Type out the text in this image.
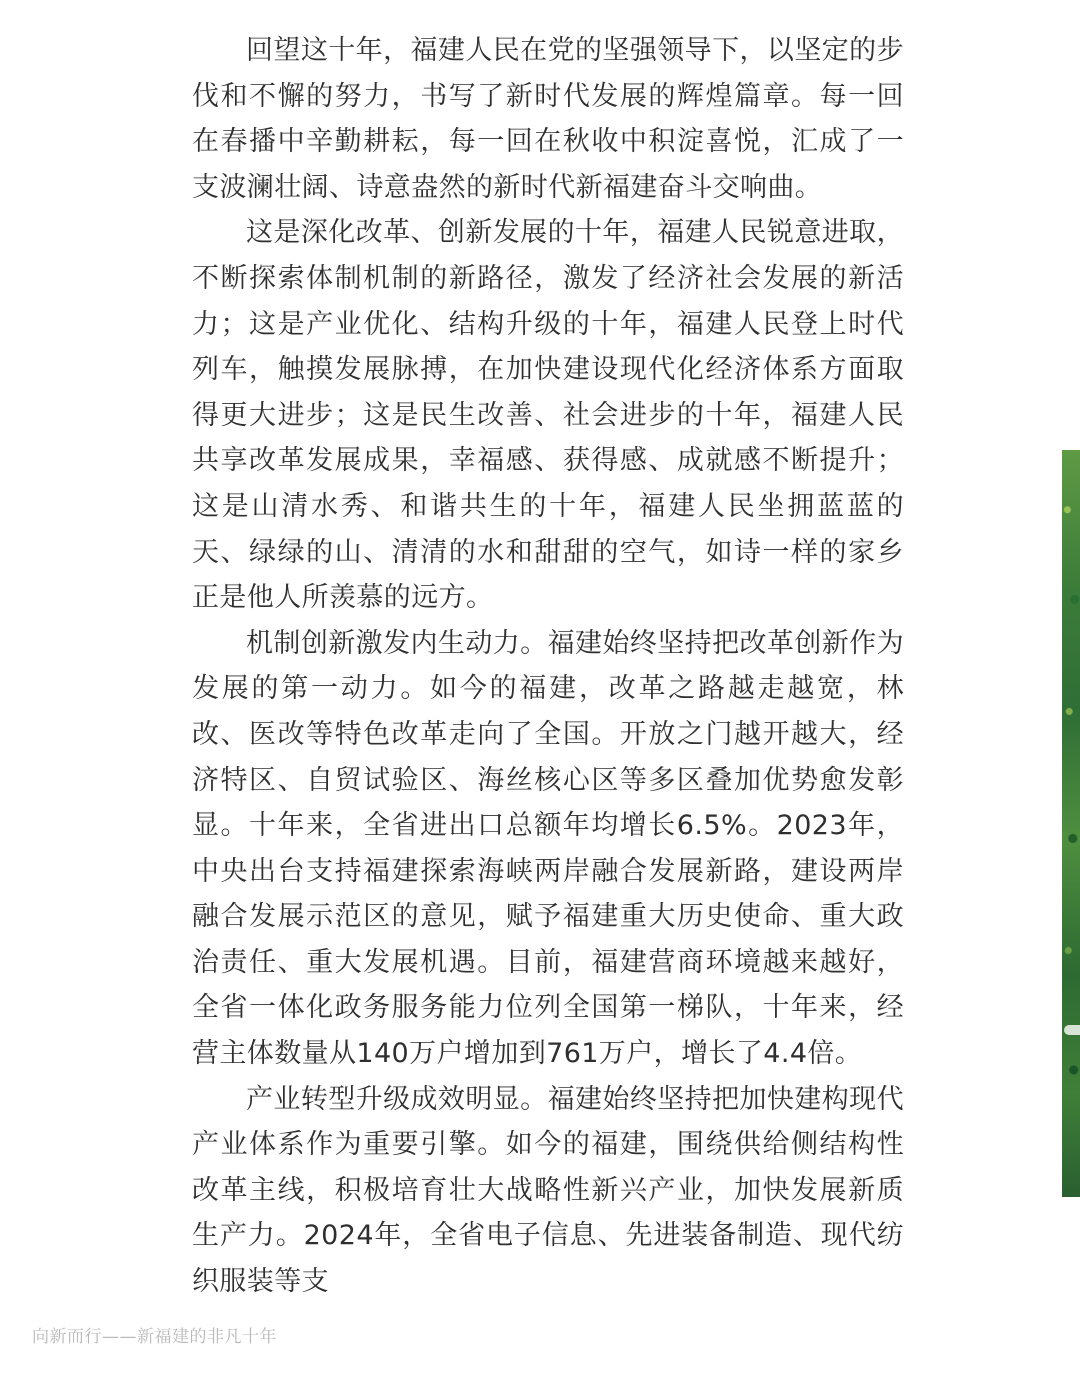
回望这十年，福建人民在党的坚强领导下，以坚定的步伐和不懈的努力，书写了新时代发展的辉煌篇章。每一回在春播中辛勤耕耘，每一回在秋收中积淀喜悦，汇成了一支波澜壮阔、诗意盎然的新时代新福建奋斗交响曲。

这是深化改革、创新发展的十年，福建人民锐意进取，不断探索体制机制的新路径，激发了经济社会发展的新活力；这是产业优化、结构升级的十年，福建人民登上时代列车，触摸发展脉搏，在加快建设现代化经济体系方面取得更大进步；这是民生改善、社会进步的十年，福建人民共享改革发展成果，幸福感、获得感、成就感不断提升；这是山清水秀、和谐共生的十年，福建人民坐拥蓝蓝的天、绿绿的山、清清的水和甜甜的空气，如诗一样的家乡正是他人所羡慕的远方。

机制创新激发内生动力。福建始终坚持把改革创新作为发展的第一动力。如今的福建，改革之路越走越宽，林改、医改等特色改革走向了全国。开放之门越开越大，经济特区、自贸试验区、海丝核心区等多区叠加优势愈发彰显。十年来，全省进出口总额年均增长6.5%。2023年，中央出台支持福建探索海峡两岸融合发展新路，建设两岸融合发展示范区的意见，赋予福建重大历史使命、重大政治责任、重大发展机遇。目前，福建营商环境越来越好，全省一体化政务服务能力位列全国第一梯队，十年来，经营主体数量从140万户增加到761万户，增长了4.4倍。

产业转型升级成效明显。福建始终坚持把加快建构现代产业体系作为重要引擎。如今的福建，围绕供给侧结构性改革主线，积极培育壮大战略性新兴产业，加快发展新质生产力。2024年，全省电子信息、先进装备制造、现代纺织服装等支

向新而行——新福建的非凡十年
